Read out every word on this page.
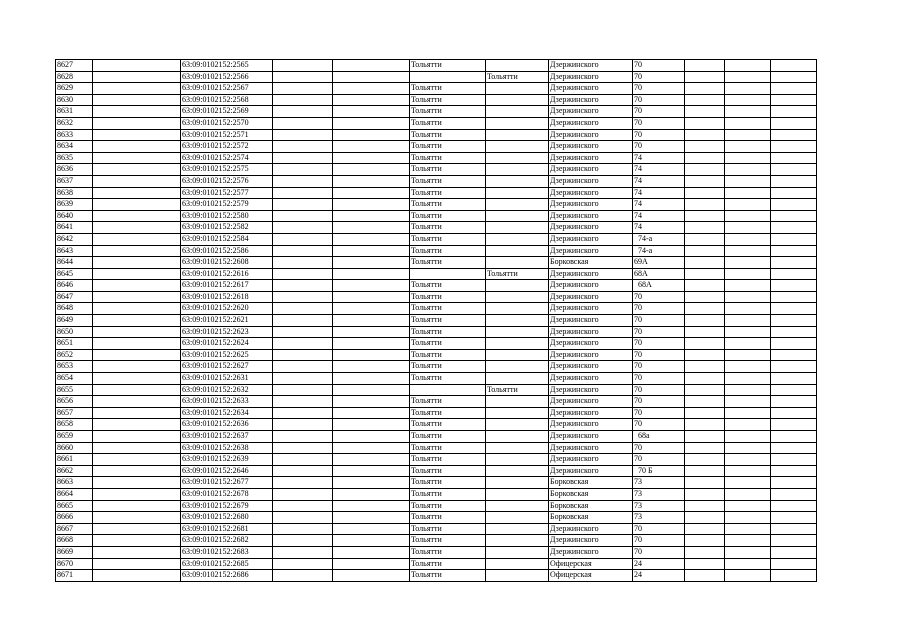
8627		63:09:0102152:2565			Тольятти		Дзержинского	70			
8628		63:09:0102152:2566				Тольятти	Дзержинского	70			
8629		63:09:0102152:2567			Тольятти		Дзержинского	70			
8630		63:09:0102152:2568			Тольятти		Дзержинского	70			
8631		63:09:0102152:2569			Тольятти		Дзержинского	70			
8632		63:09:0102152:2570			Тольятти		Дзержинского	70			
8633		63:09:0102152:2571			Тольятти		Дзержинского	70			
8634		63:09:0102152:2572			Тольятти		Дзержинского	70			
8635		63:09:0102152:2574			Тольятти		Дзержинского	74			
8636		63:09:0102152:2575			Тольятти		Дзержинского	74			
8637		63:09:0102152:2576			Тольятти		Дзержинского	74			
8638		63:09:0102152:2577			Тольятти		Дзержинского	74			
8639		63:09:0102152:2579			Тольятти		Дзержинского	74			
8640		63:09:0102152:2580			Тольятти		Дзержинского	74			
8641		63:09:0102152:2582			Тольятти		Дзержинского	74			
8642		63:09:0102152:2584			Тольятти		Дзержинского	74-а			
8643		63:09:0102152:2586			Тольятти		Дзержинского	74-а			
8644		63:09:0102152:2608			Тольятти		Борковская	69А			
8645		63:09:0102152:2616				Тольятти	Дзержинского	68А			
8646		63:09:0102152:2617			Тольятти		Дзержинского	68А			
8647		63:09:0102152:2618			Тольятти		Дзержинского	70			
8648		63:09:0102152:2620			Тольятти		Дзержинского	70			
8649		63:09:0102152:2621			Тольятти		Дзержинского	70			
8650		63:09:0102152:2623			Тольятти		Дзержинского	70			
8651		63:09:0102152:2624			Тольятти		Дзержинского	70			
8652		63:09:0102152:2625			Тольятти		Дзержинского	70			
8653		63:09:0102152:2627			Тольятти		Дзержинского	70			
8654		63:09:0102152:2631			Тольятти		Дзержинского	70			
8655		63:09:0102152:2632				Тольятти	Дзержинского	70			
8656		63:09:0102152:2633			Тольятти		Дзержинского	70			
8657		63:09:0102152:2634			Тольятти		Дзержинского	70			
8658		63:09:0102152:2636			Тольятти		Дзержинского	70			
8659		63:09:0102152:2637			Тольятти		Дзержинского	68а			
8660		63:09:0102152:2638			Тольятти		Дзержинского	70			
8661		63:09:0102152:2639			Тольятти		Дзержинского	70			
8662		63:09:0102152:2646			Тольятти		Дзержинского	70 Б			
8663		63:09:0102152:2677			Тольятти		Борковская	73			
8664		63:09:0102152:2678			Тольятти		Борковская	73			
8665		63:09:0102152:2679			Тольятти		Борковская	73			
8666		63:09:0102152:2680			Тольятти		Борковская	73			
8667		63:09:0102152:2681			Тольятти		Дзержинского	70			
8668		63:09:0102152:2682			Тольятти		Дзержинского	70			
8669		63:09:0102152:2683			Тольятти		Дзержинского	70			
8670		63:09:0102152:2685			Тольятти		Офицерская	24			
8671		63:09:0102152:2686			Тольятти		Офицерская	24			
